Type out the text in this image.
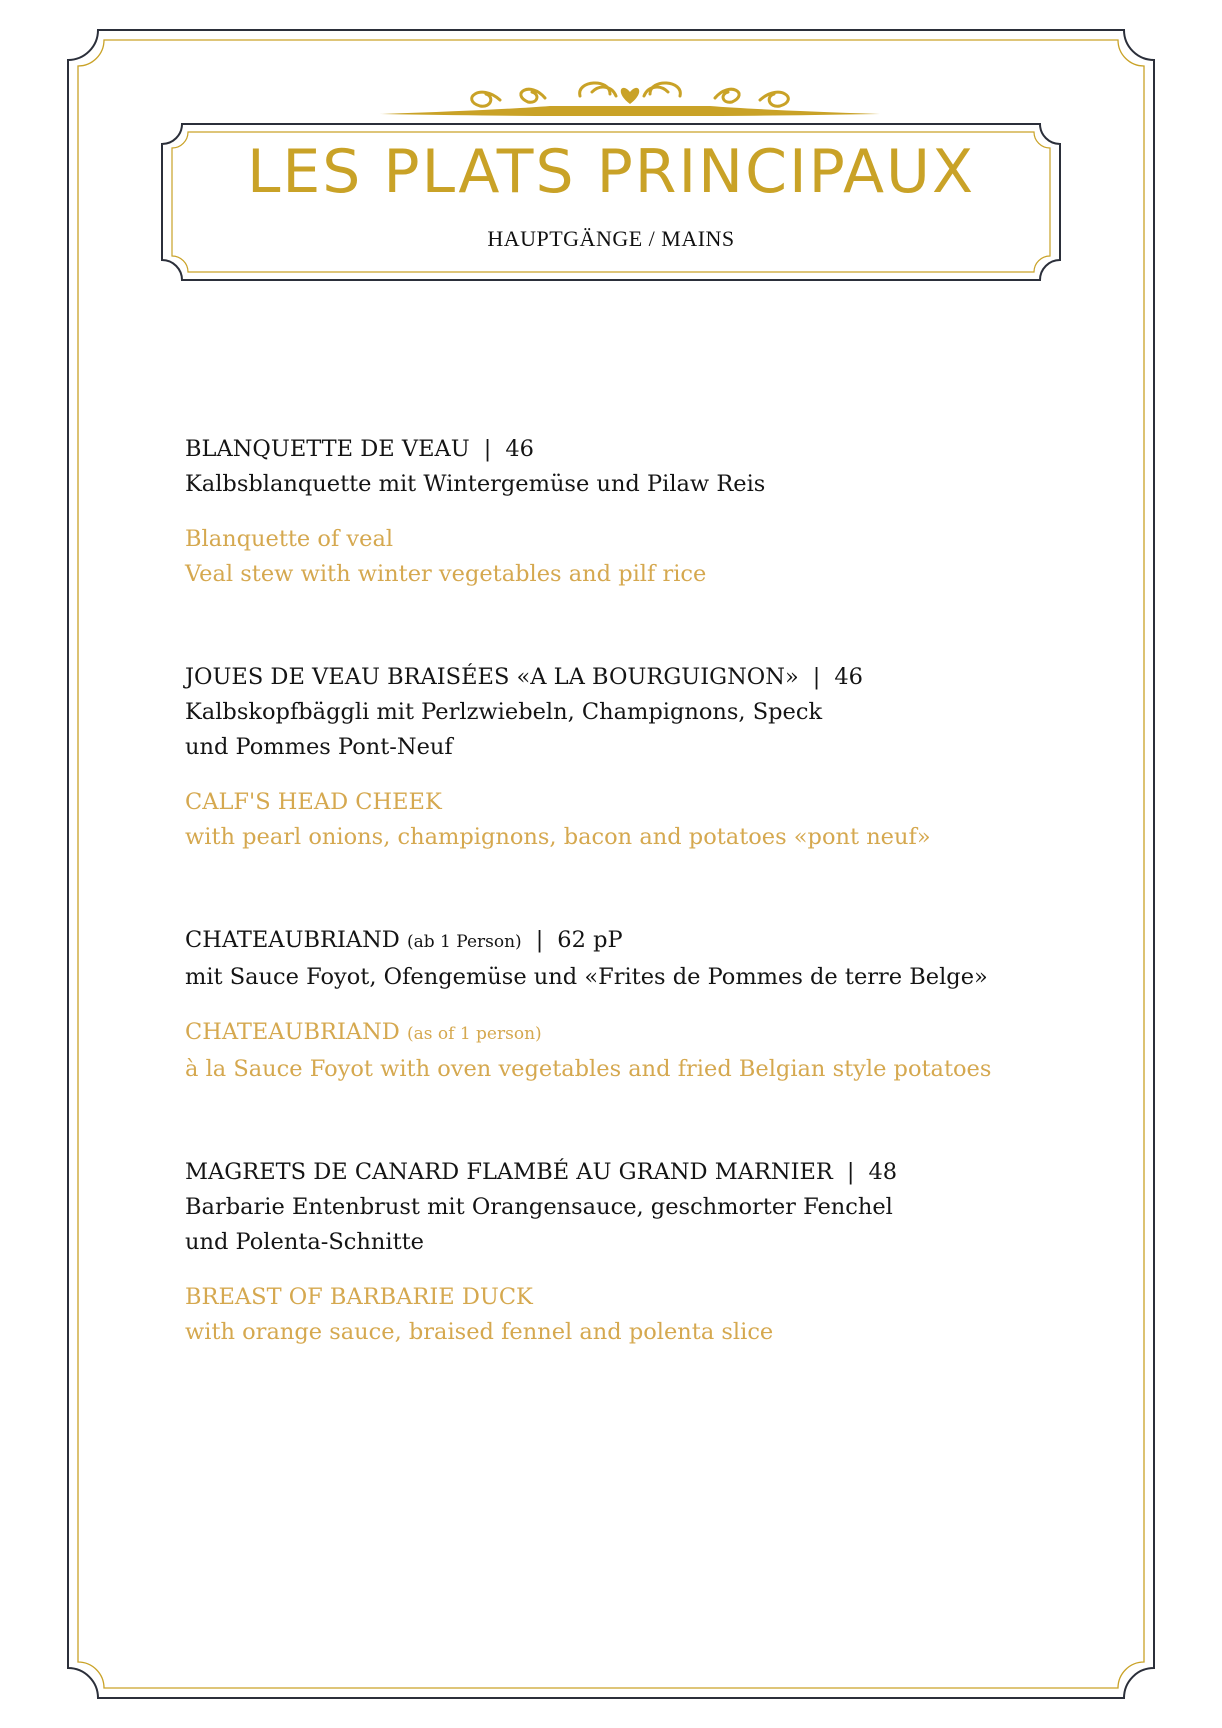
LES PLATS PRINCIPAUX
HAUPTGÄNGE / MAINS
BLANQUETTE DE VEAU | 46
Kalbsblanquette mit Wintergemüse und Pilaw Reis
Blanquette of veal
Veal stew with winter vegetables and pilf rice
JOUES DE VEAU BRAISÉES «A LA BOURGUIGNON» | 46
Kalbskopfbäggli mit Perlzwiebeln, Champignons, Speck
und Pommes Pont-Neuf
CALF'S HEAD CHEEK
with pearl onions, champignons, bacon and potatoes «pont neuf»
CHATEAUBRIAND (ab 1 Person) | 62 pP
mit Sauce Foyot, Ofengemüse und «Frites de Pommes de terre Belge»
CHATEAUBRIAND (as of 1 person)
à la Sauce Foyot with oven vegetables and fried Belgian style potatoes
MAGRETS DE CANARD FLAMBÉ AU GRAND MARNIER | 48
Barbarie Entenbrust mit Orangensauce, geschmorter Fenchel
und Polenta-Schnitte
BREAST OF BARBARIE DUCK
with orange sauce, braised fennel and polenta slice
